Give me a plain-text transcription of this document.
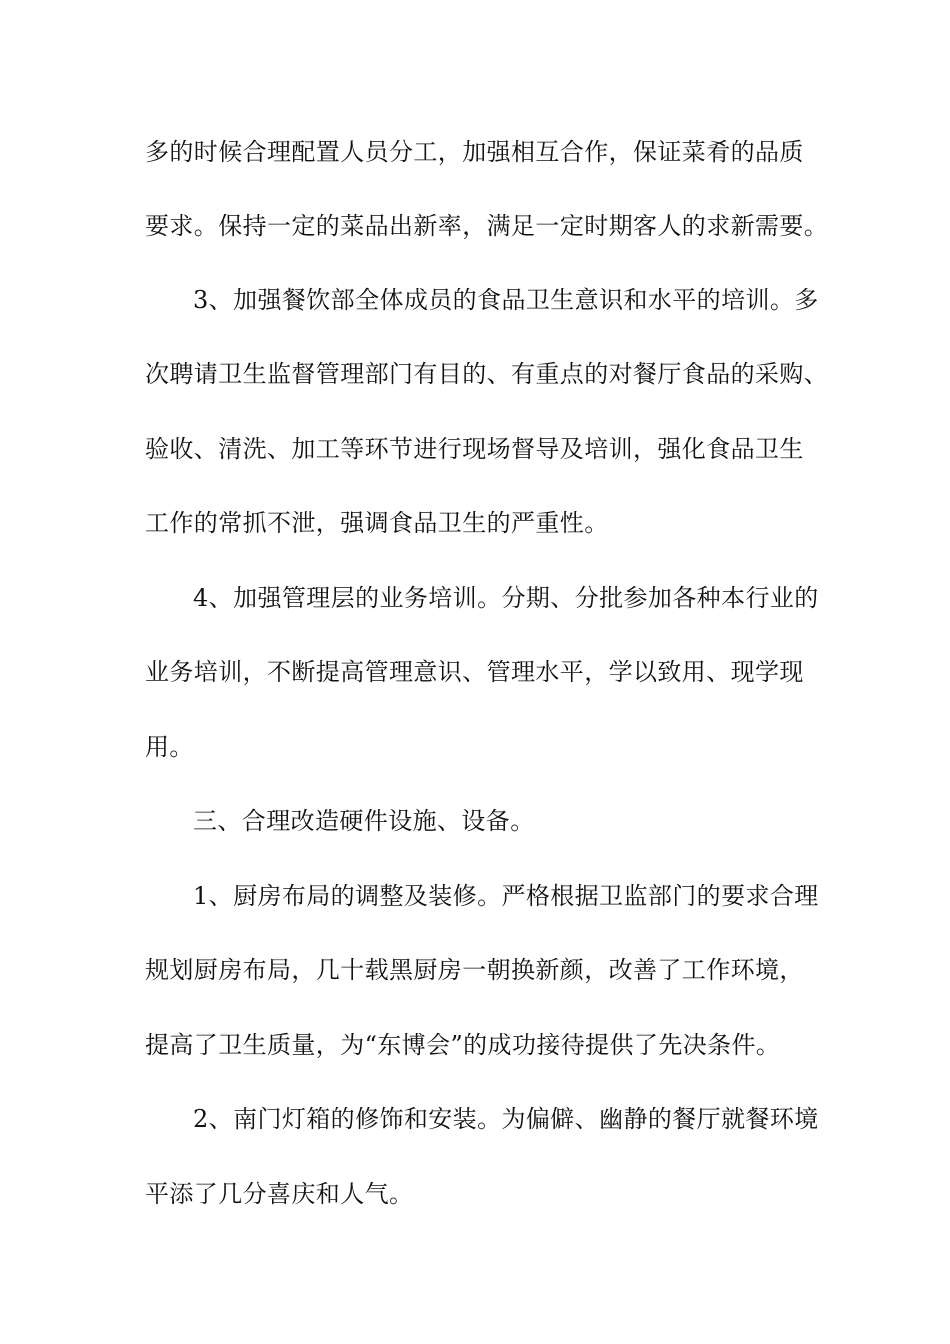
多的时候合理配置人员分工，加强相互合作，保证菜肴的品质
要求。保持一定的菜品出新率，满足一定时期客人的求新需要。
3、加强餐饮部全体成员的食品卫生意识和水平的培训。多
次聘请卫生监督管理部门有目的、有重点的对餐厅食品的采购、
验收、清洗、加工等环节进行现场督导及培训，强化食品卫生
工作的常抓不泄，强调食品卫生的严重性。
4、加强管理层的业务培训。分期、分批参加各种本行业的
业务培训，不断提高管理意识、管理水平，学以致用、现学现
用。
三、合理改造硬件设施、设备。
1、厨房布局的调整及装修。严格根据卫监部门的要求合理
规划厨房布局，几十载黑厨房一朝换新颜，改善了工作环境，
提高了卫生质量，为“东博会”的成功接待提供了先决条件。
2、南门灯箱的修饰和安装。为偏僻、幽静的餐厅就餐环境
平添了几分喜庆和人气。
